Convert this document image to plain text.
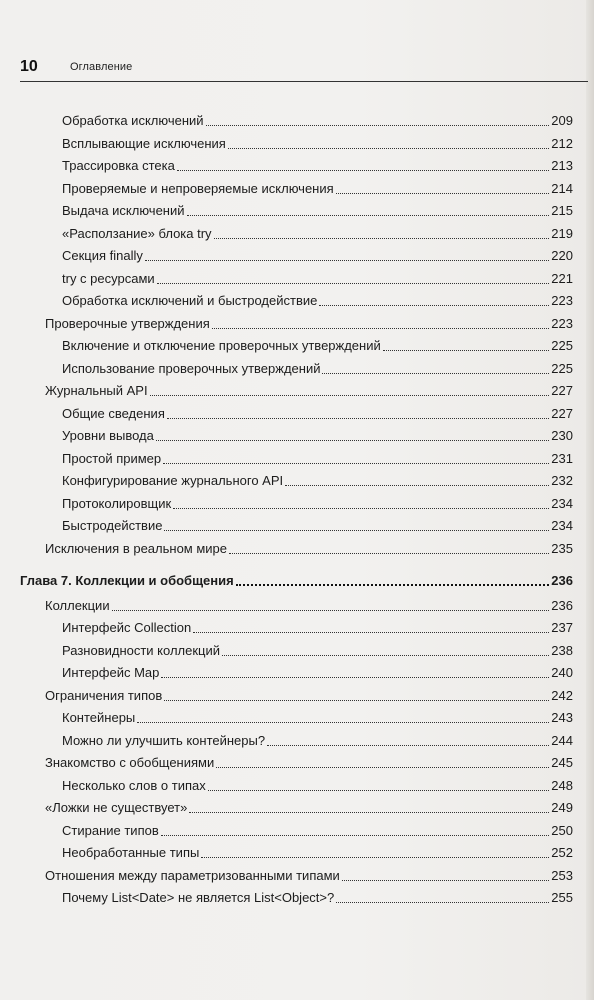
10	Оглавление
Обработка исключений	209
Всплывающие исключения	212
Трассировка стека	213
Проверяемые и непроверяемые исключения	214
Выдача исключений	215
«Расползание» блока try	219
Секция finally	220
try с ресурсами	221
Обработка исключений и быстродействие	223
Проверочные утверждения	223
Включение и отключение проверочных утверждений	225
Использование проверочных утверждений	225
Журнальный API	227
Общие сведения	227
Уровни вывода	230
Простой пример	231
Конфигурирование журнального API	232
Протоколировщик	234
Быстродействие	234
Исключения в реальном мире	235
Глава 7. Коллекции и обобщения	236
Коллекции	236
Интерфейс Collection	237
Разновидности коллекций	238
Интерфейс Map	240
Ограничения типов	242
Контейнеры	243
Можно ли улучшить контейнеры?	244
Знакомство с обобщениями	245
Несколько слов о типах	248
«Ложки не существует»	249
Стирание типов	250
Необработанные типы	252
Отношения между параметризованными типами	253
Почему List<Date> не является List<Object>?	255
